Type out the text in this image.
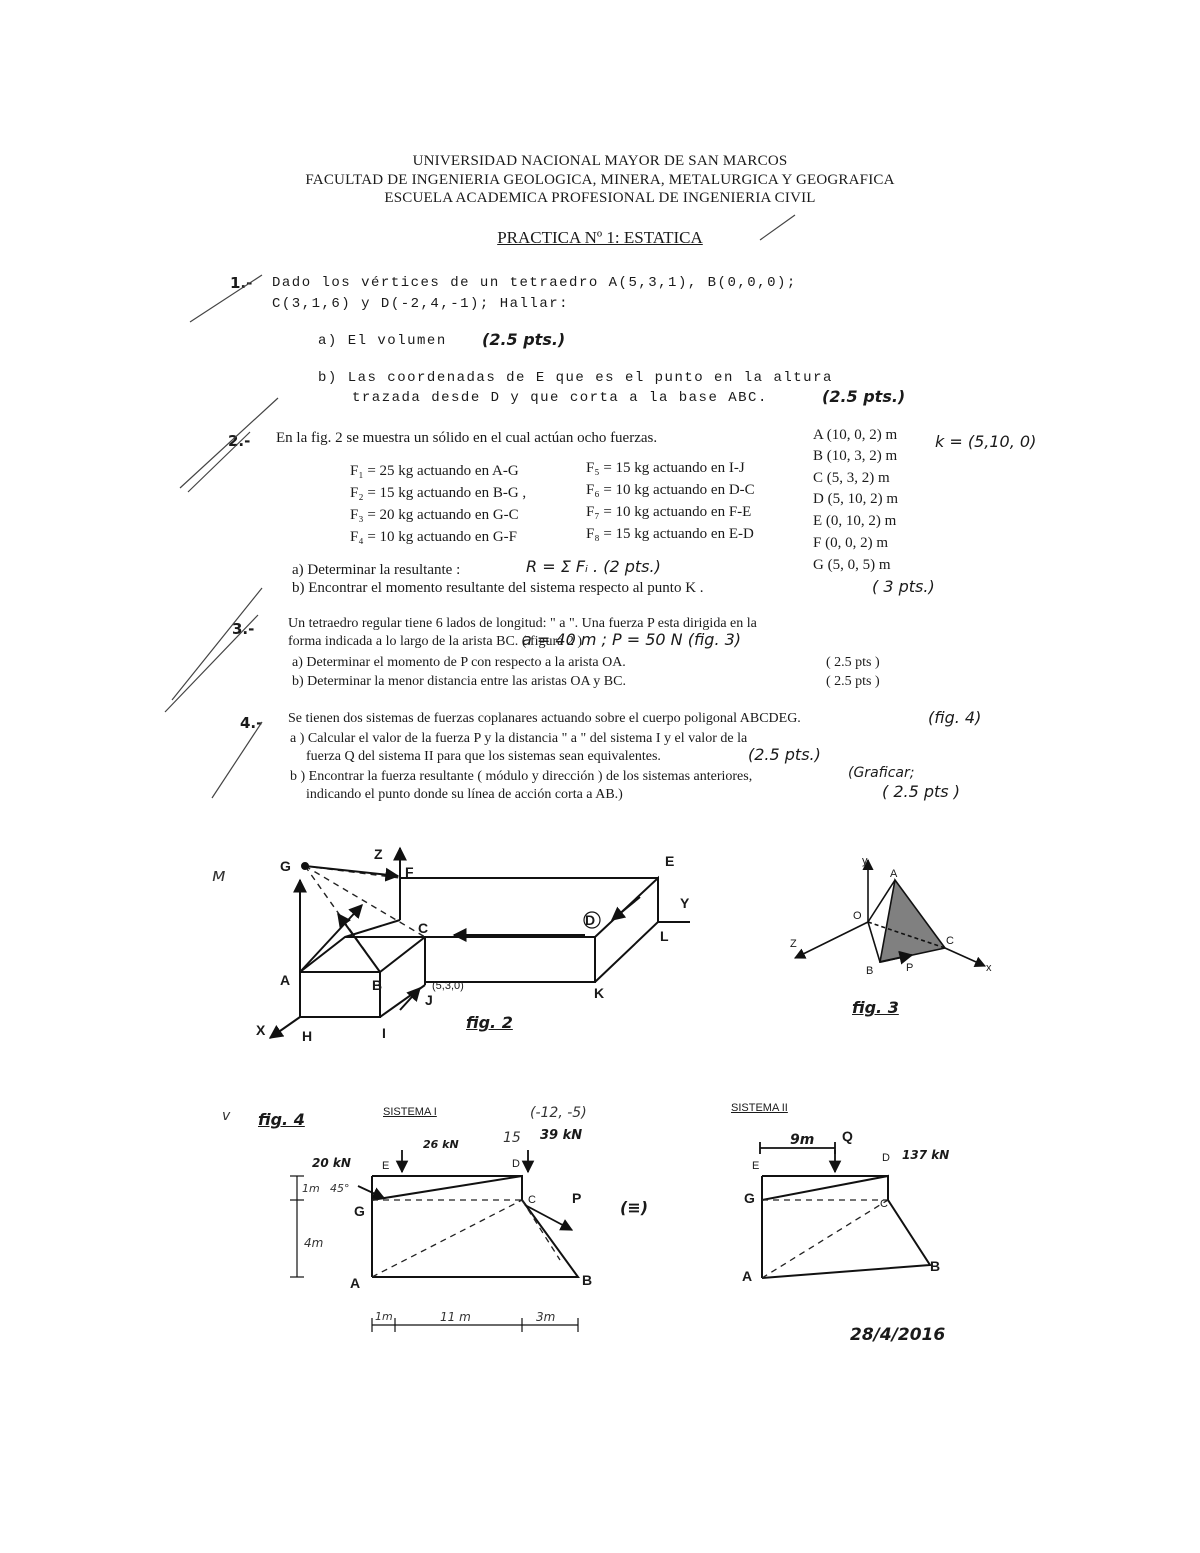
UNIVERSIDAD NACIONAL MAYOR DE SAN MARCOS
FACULTAD DE INGENIERIA GEOLOGICA, MINERA, METALURGICA Y GEOGRAFICA
ESCUELA ACADEMICA PROFESIONAL DE INGENIERIA CIVIL
PRACTICA Nº 1: ESTATICA
1.- Dado los vértices de un tetraedro A(5,3,1), B(0,0,0);
C(3,1,6) y D(-2,4,-1); Hallar:
a) El volumen (2.5 pts.)
b) Las coordenadas de E que es el punto en la altura
trazada desde D y que corta a la base ABC.	(2.5 pts.)
2.- En la fig. 2 se muestra un sólido en el cual actúan ocho fuerzas.	k = (5,10, 0)
F₁ = 25 kg actuando en A-G
F₂ = 15 kg actuando en B-G ,
F₃ = 20 kg actuando en G-C
F₄ = 10 kg actuando en G-F
F₅ = 15 kg actuando en I-J
F₆ = 10 kg actuando en D-C
F₇ = 10 kg actuando en F-E
F₈ = 15 kg actuando en E-D
A (10, 0, 2) m
B (10, 3, 2) m
C (5, 3, 2) m
D (5, 10, 2) m
E (0, 10, 2) m
F (0, 0, 2) m
G (5, 0, 5) m
a) Determinar la resultante :	R = Σ Fᵢ . (2 pts.)
b) Encontrar el momento resultante del sistema respecto al punto K .	( 3 pts.)
3.- Un tetraedro regular tiene 6 lados de longitud: " a ". Una fuerza P esta dirigida en la
forma indicada a lo largo de la arista BC. ( figura 2 )
a = 40 m ; P = 50 N (fig. 3)
a) Determinar el momento de P con respecto a la arista OA.	( 2.5 pts )
b) Determinar la menor distancia entre las aristas OA y BC.	( 2.5 pts )
4.- Se tienen dos sistemas de fuerzas coplanares actuando sobre el cuerpo poligonal ABCDEG.	(fig. 4)
a ) Calcular el valor de la fuerza P y la distancia " a " del sistema I y el valor de la
fuerza Q del sistema II para que los sistemas sean equivalentes.	(2.5 pts.)
b ) Encontrar la fuerza resultante ( módulo y dirección ) de los sistemas anteriores,	(Graficar;
indicando el punto donde su línea de acción corta a AB.)	( 2.5 pts )
G
Z
F
E
Y
C	D
L
A	B
J
(5,3,0)	K
X	H	I
fig. 2
y
A
O
Z	C
B	P	x
fig. 3
fig. 4	SISTEMA I	(-12, -5)
15
26 kN
39 kN
20 kN
45°
E	D
G
C	P
A	B
(≡)
1m
4m
1m	11 m	3m
SISTEMA II
9m Q
137 kN
E
D
G	C
A
B
28/4/2016
ᴍ
v
